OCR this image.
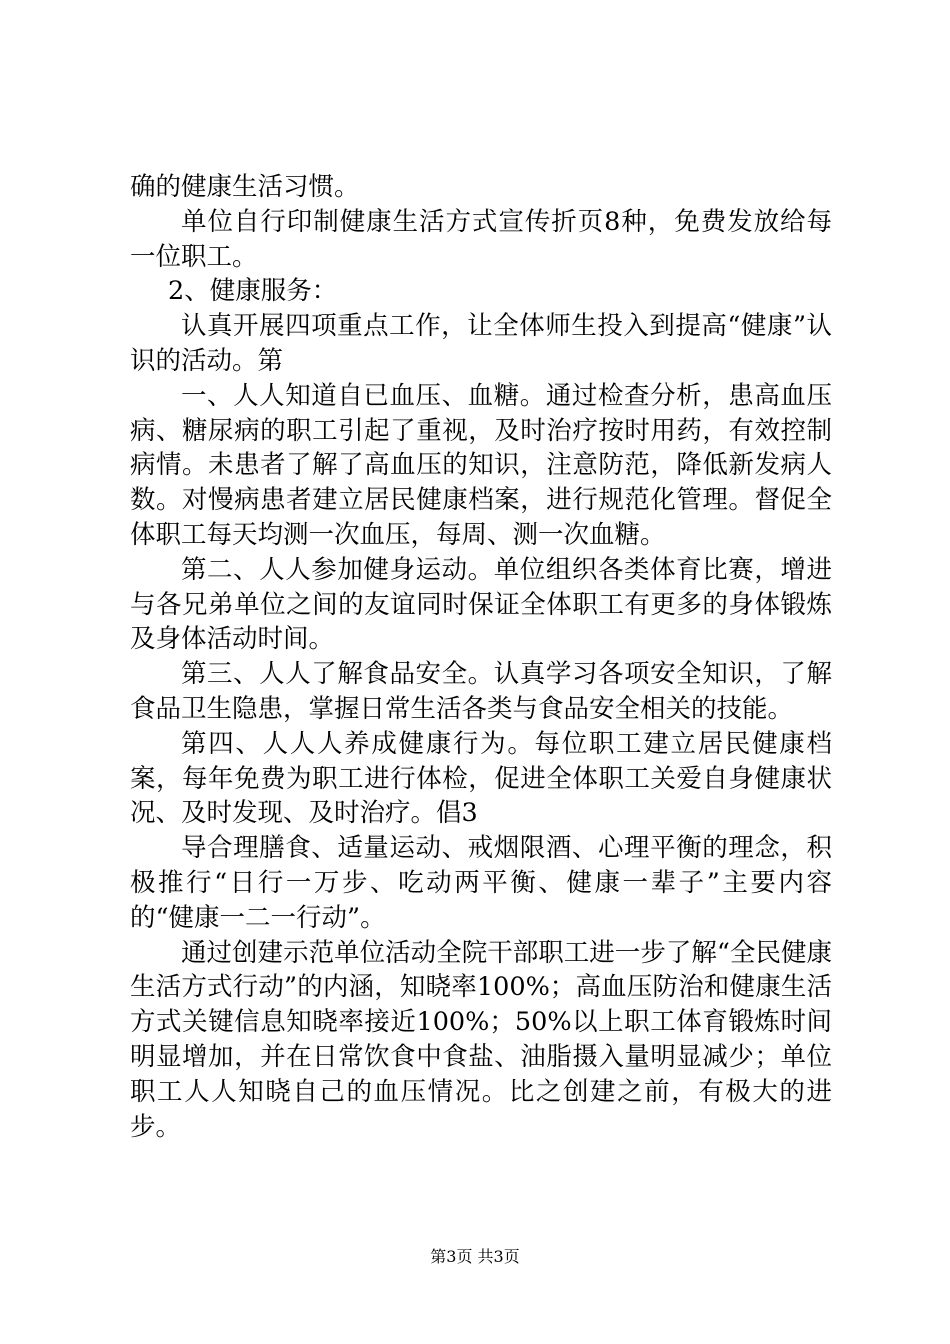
确的健康生活习惯。

单位自行印制健康生活方式宣传折页8种，免费发放给每一位职工。

2、健康服务：

认真开展四项重点工作，让全体师生投入到提高“健康”认识的活动。第

一、人人知道自已血压、血糖。通过检查分析，患高血压病、糖尿病的职工引起了重视，及时治疗按时用药，有效控制病情。未患者了解了高血压的知识，注意防范，降低新发病人数。对慢病患者建立居民健康档案，进行规范化管理。督促全体职工每天均测一次血压，每周、测一次血糖。

第二、人人参加健身运动。单位组织各类体育比赛，增进与各兄弟单位之间的友谊同时保证全体职工有更多的身体锻炼及身体活动时间。

第三、人人了解食品安全。认真学习各项安全知识，了解食品卫生隐患，掌握日常生活各类与食品安全相关的技能。

第四、人人人养成健康行为。每位职工建立居民健康档案，每年免费为职工进行体检，促进全体职工关爱自身健康状况、及时发现、及时治疗。倡3

导合理膳食、适量运动、戒烟限酒、心理平衡的理念，积极推行“日行一万步、吃动两平衡、健康一辈子”主要内容的“健康一二一行动”。

通过创建示范单位活动全院干部职工进一步了解“全民健康生活方式行动”的内涵，知晓率100%；高血压防治和健康生活方式关键信息知晓率接近100%；50%以上职工体育锻炼时间明显增加，并在日常饮食中食盐、油脂摄入量明显减少；单位职工人人知晓自己的血压情况。比之创建之前，有极大的进步。

第3页 共3页
